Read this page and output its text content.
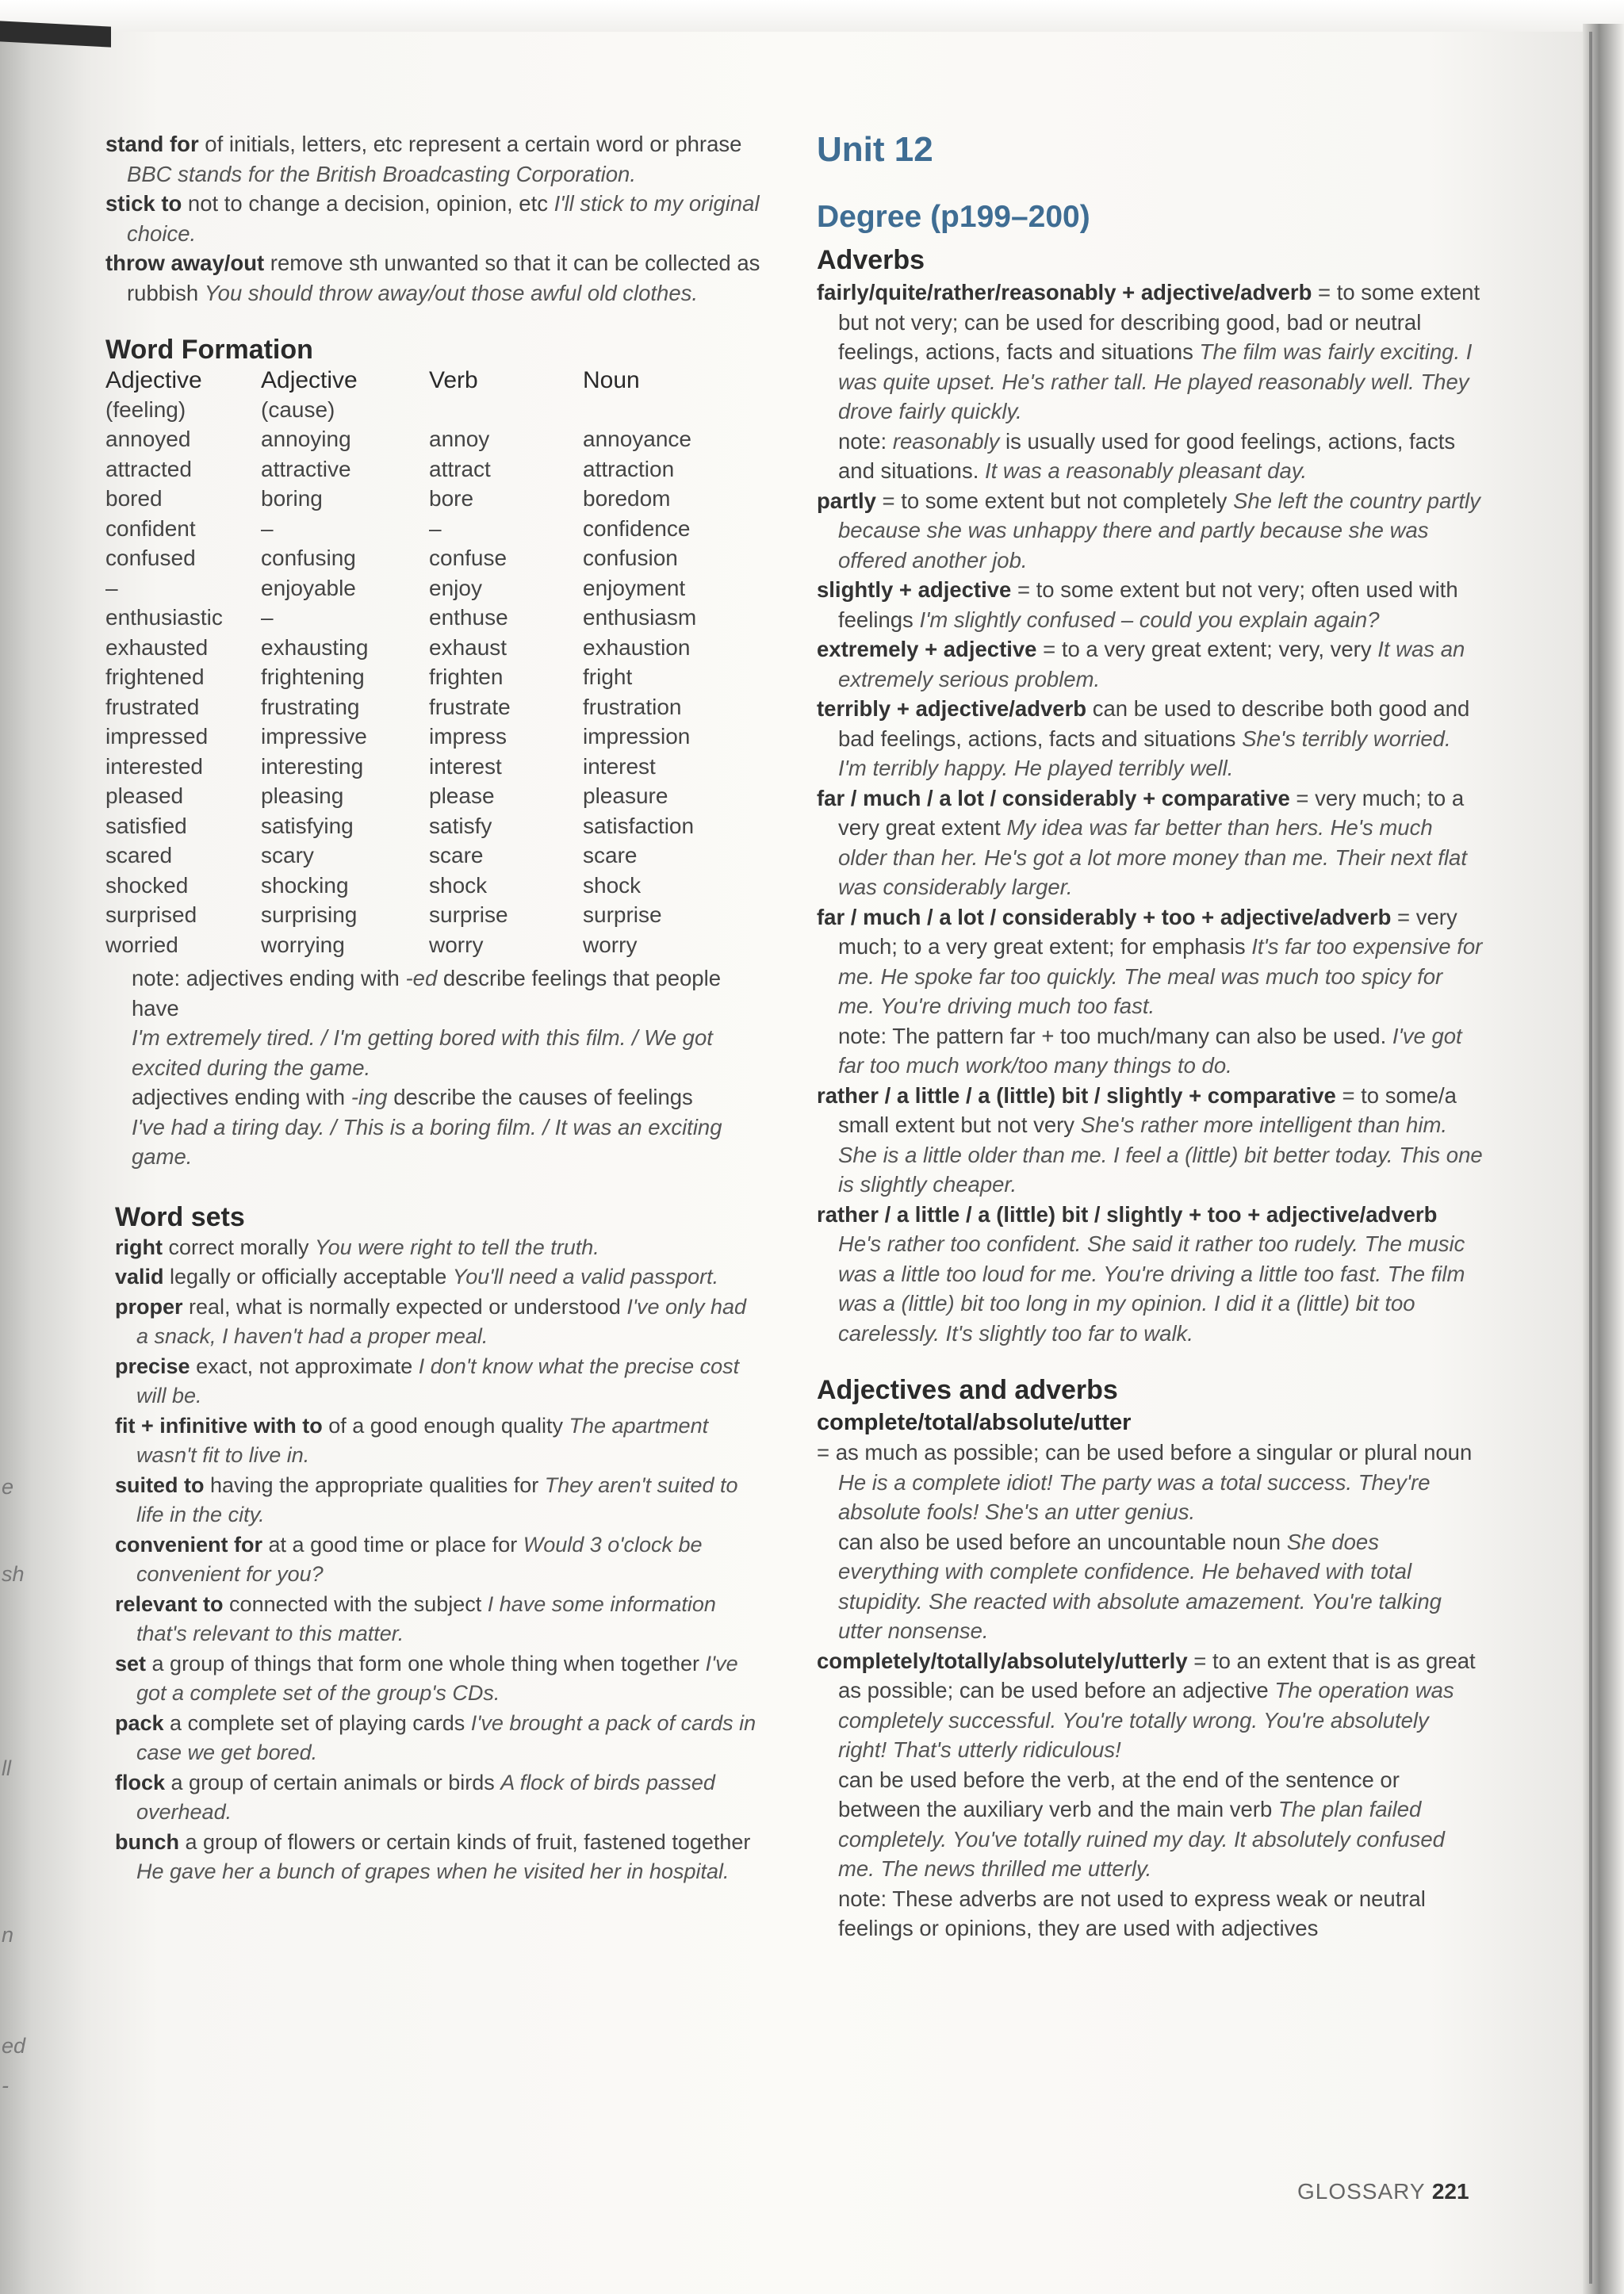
e
sh
ll
n
ed
-

stand for of initials, letters, etc represent a certain word or phrase BBC stands for the British Broadcasting Corporation.

stick to not to change a decision, opinion, etc I'll stick to my original choice.

throw away/out remove sth unwanted so that it can be collected as rubbish You should throw away/out those awful old clothes.

Word Formation

Adjective	Adjective	Verb	Noun
(feeling)	(cause)		
annoyed	annoying	annoy	annoyance
attracted	attractive	attract	attraction
bored	boring	bore	boredom
confident	–	–	confidence
confused	confusing	confuse	confusion
–	enjoyable	enjoy	enjoyment
enthusiastic	–	enthuse	enthusiasm
exhausted	exhausting	exhaust	exhaustion
frightened	frightening	frighten	fright
frustrated	frustrating	frustrate	frustration
impressed	impressive	impress	impression
interested	interesting	interest	interest
pleased	pleasing	please	pleasure
satisfied	satisfying	satisfy	satisfaction
scared	scary	scare	scare
shocked	shocking	shock	shock
surprised	surprising	surprise	surprise
worried	worrying	worry	worry

note: adjectives ending with -ed describe feelings that people have

I'm extremely tired. / I'm getting bored with this film. / We got excited during the game.

adjectives ending with -ing describe the causes of feelings

I've had a tiring day. / This is a boring film. / It was an exciting game.

Word sets

right correct morally You were right to tell the truth.

valid legally or officially acceptable You'll need a valid passport.

proper real, what is normally expected or understood I've only had a snack, I haven't had a proper meal.

precise exact, not approximate I don't know what the precise cost will be.

fit + infinitive with to of a good enough quality The apartment wasn't fit to live in.

suited to having the appropriate qualities for They aren't suited to life in the city.

convenient for at a good time or place for Would 3 o'clock be convenient for you?

relevant to connected with the subject I have some information that's relevant to this matter.

set a group of things that form one whole thing when together I've got a complete set of the group's CDs.

pack a complete set of playing cards I've brought a pack of cards in case we get bored.

flock a group of certain animals or birds A flock of birds passed overhead.

bunch a group of flowers or certain kinds of fruit, fastened together He gave her a bunch of grapes when he visited her in hospital.

Unit 12

Degree (p199–200)

Adverbs

fairly/quite/rather/reasonably + adjective/adverb = to some extent but not very; can be used for describing good, bad or neutral feelings, actions, facts and situations The film was fairly exciting. I was quite upset. He's rather tall. He played reasonably well. They drove fairly quickly.

note: reasonably is usually used for good feelings, actions, facts and situations. It was a reasonably pleasant day.

partly = to some extent but not completely She left the country partly because she was unhappy there and partly because she was offered another job.

slightly + adjective = to some extent but not very; often used with feelings I'm slightly confused – could you explain again?

extremely + adjective = to a very great extent; very, very It was an extremely serious problem.

terribly + adjective/adverb can be used to describe both good and bad feelings, actions, facts and situations She's terribly worried. I'm terribly happy. He played terribly well.

far / much / a lot / considerably + comparative = very much; to a very great extent My idea was far better than hers. He's much older than her. He's got a lot more money than me. Their next flat was considerably larger.

far / much / a lot / considerably + too + adjective/adverb = very much; to a very great extent; for emphasis It's far too expensive for me. He spoke far too quickly. The meal was much too spicy for me. You're driving much too fast.

note: The pattern far + too much/many can also be used. I've got far too much work/too many things to do.

rather / a little / a (little) bit / slightly + comparative = to some/a small extent but not very She's rather more intelligent than him. She is a little older than me. I feel a (little) bit better today. This one is slightly cheaper.

rather / a little / a (little) bit / slightly + too + adjective/adverb He's rather too confident. She said it rather too rudely. The music was a little too loud for me. You're driving a little too fast. The film was a (little) bit too long in my opinion. I did it a (little) bit too carelessly. It's slightly too far to walk.

Adjectives and adverbs

complete/total/absolute/utter

= as much as possible; can be used before a singular or plural noun He is a complete idiot! The party was a total success. They're absolute fools! She's an utter genius.

can also be used before an uncountable noun She does everything with complete confidence. He behaved with total stupidity. She reacted with absolute amazement. You're talking utter nonsense.

completely/totally/absolutely/utterly = to an extent that is as great as possible; can be used before an adjective The operation was completely successful. You're totally wrong. You're absolutely right! That's utterly ridiculous!

can be used before the verb, at the end of the sentence or between the auxiliary verb and the main verb The plan failed completely. You've totally ruined my day. It absolutely confused me. The news thrilled me utterly.

note: These adverbs are not used to express weak or neutral feelings or opinions, they are used with adjectives

GLOSSARY 221
